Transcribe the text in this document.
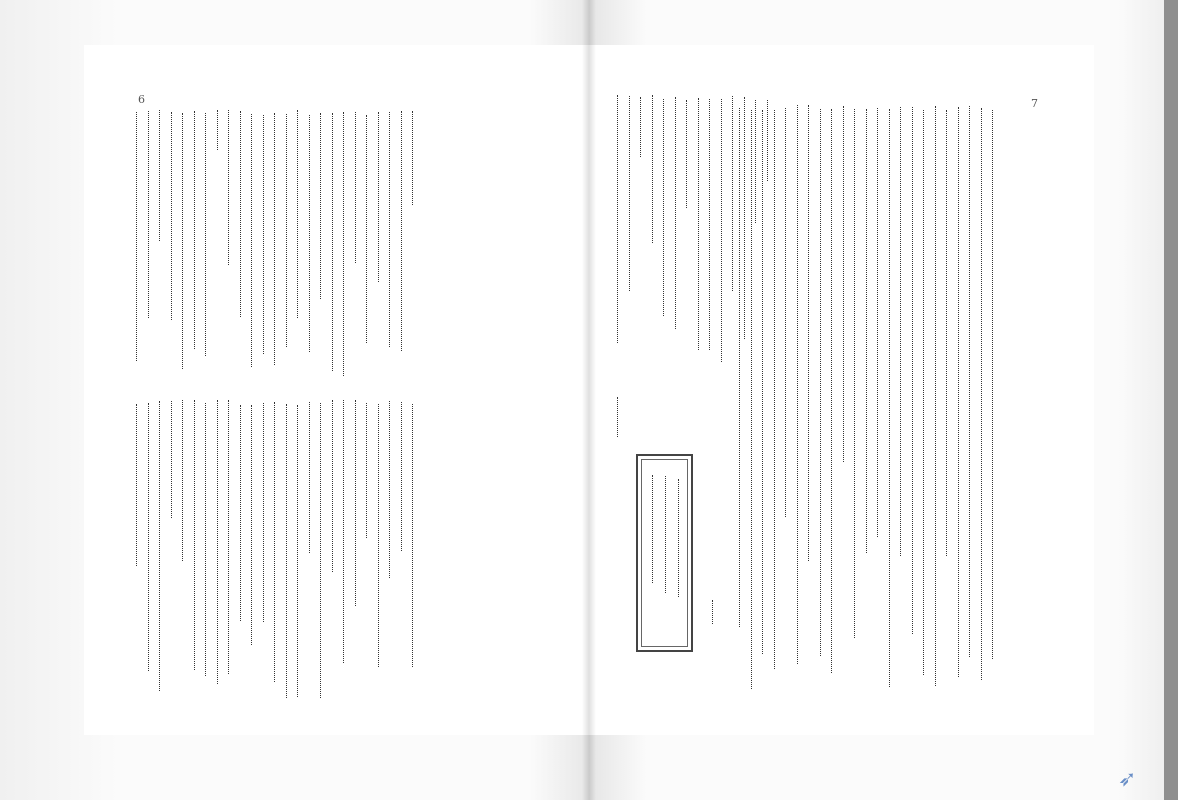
6	7
➶
